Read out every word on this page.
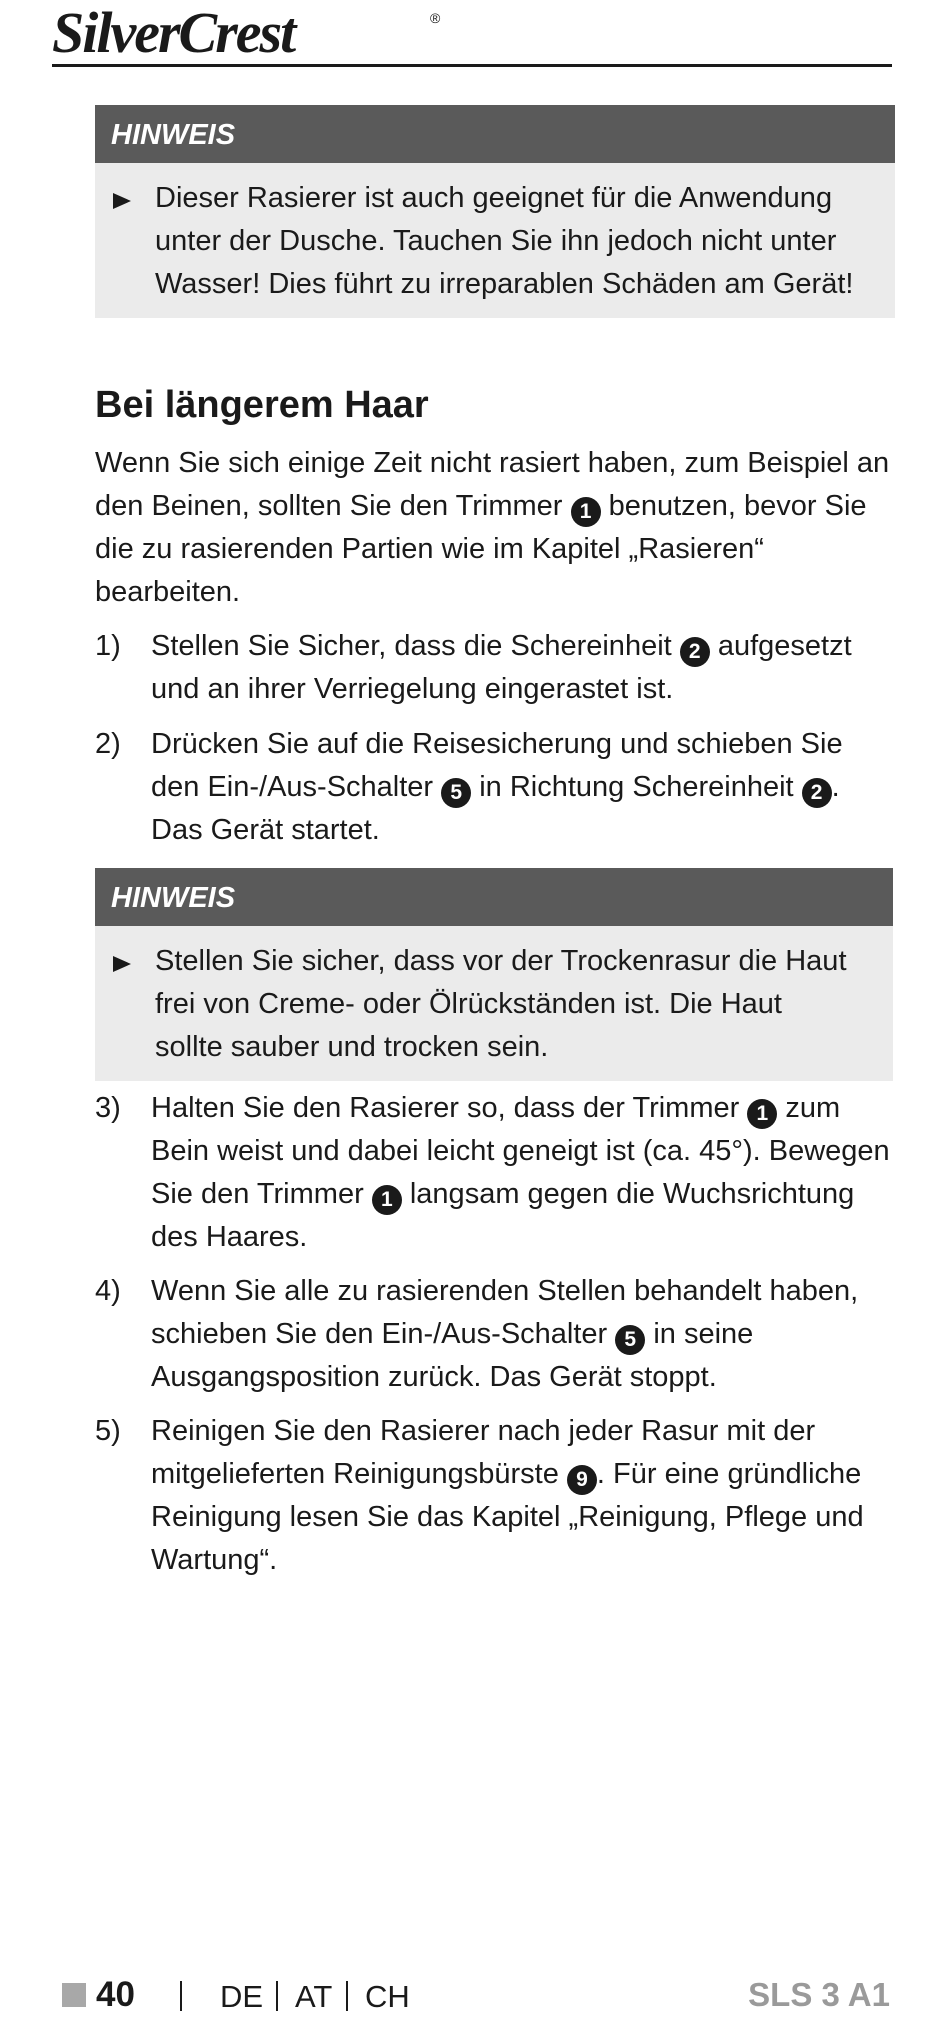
SilverCrest	®
HINWEIS
Dieser Rasierer ist auch geeignet für die Anwendung unter der Dusche. Tauchen Sie ihn jedoch nicht unter Wasser! Dies führt zu irreparablen Schäden am Gerät!
Bei längerem Haar
Wenn Sie sich einige Zeit nicht rasiert haben, zum Beispiel an den Beinen, sollten Sie den Trimmer 1 benutzen, bevor Sie die zu rasierenden Partien wie im Kapitel „Rasieren“ bearbeiten.
1) Stellen Sie Sicher, dass die Schereinheit 2 aufgesetzt und an ihrer Verriegelung eingerastet ist.
2) Drücken Sie auf die Reisesicherung und schieben Sie den Ein-/Aus-Schalter 5 in Richtung Schereinheit 2 . Das Gerät startet.
HINWEIS
Stellen Sie sicher, dass vor der Trockenrasur die Haut frei von Creme- oder Ölrückständen ist. Die Haut sollte sauber und trocken sein.
3) Halten Sie den Rasierer so, dass der Trimmer 1 zum Bein weist und dabei leicht geneigt ist (ca. 45°). Bewegen Sie den Trimmer 1 langsam gegen die Wuchsrichtung des Haares.
4) Wenn Sie alle zu rasierenden Stellen behandelt haben, schieben Sie den Ein-/Aus-Schalter 5 in seine Ausgangsposition zurück. Das Gerät stoppt.
5) Reinigen Sie den Rasierer nach jeder Rasur mit der mitgelieferten Reinigungsbürste 9 . Für eine gründliche Reinigung lesen Sie das Kapitel „Reinigung, Pflege und Wartung“.
40	DE AT CH	SLS 3 A1
